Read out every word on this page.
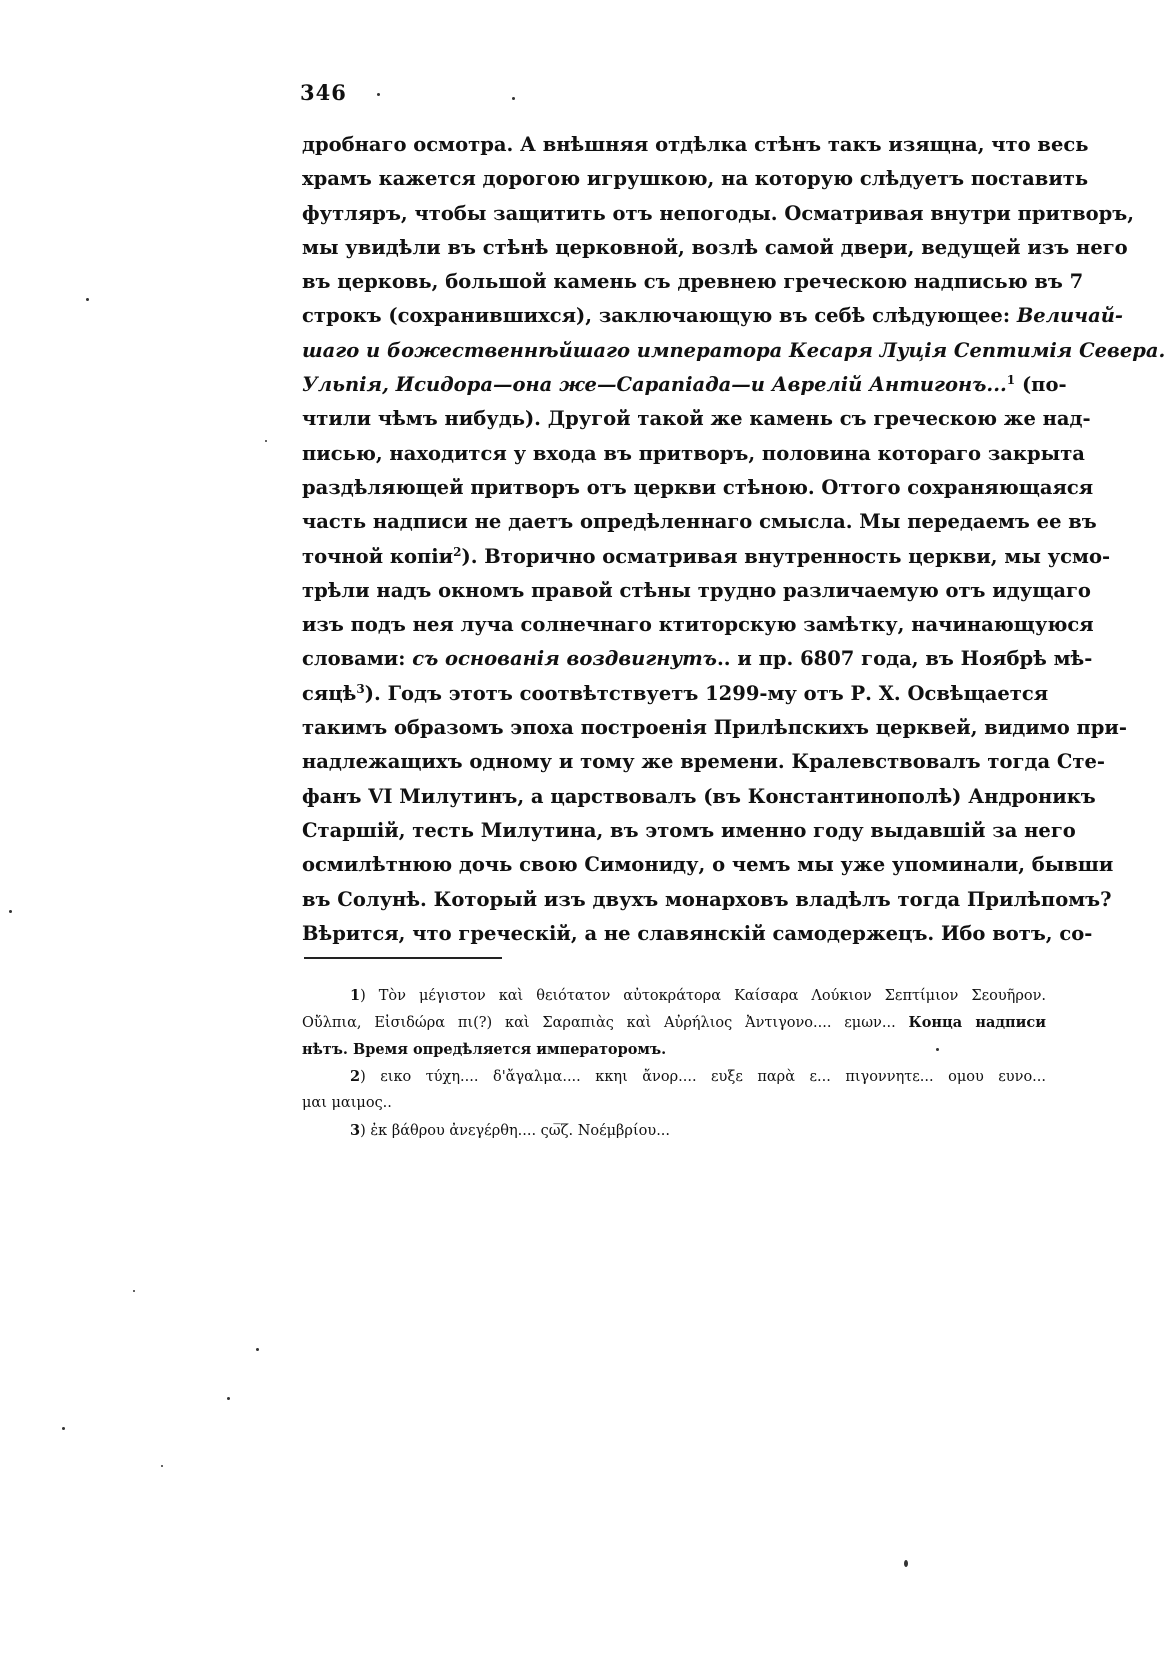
346
дробнаго осмотра. А внѣшняя отдѣлка стѣнъ такъ изящна, что весь
храмъ кажется дорогою игрушкою, на которую слѣдуетъ поставить
футляръ, чтобы защитить отъ непогоды. Осматривая внутри притворъ,
мы увидѣли въ стѣнѣ церковной, возлѣ самой двери, ведущей изъ него
въ церковь, большой камень съ древнею греческою надписью въ 7
строкъ (сохранившихся), заключающую въ себѣ слѣдующее: Величай-
шаго и божественнѣйшаго императора Кесаря Луція Септимія Севера.
Ульпія, Исидора—она же—Сарапіада—и Аврелій Антигонъ...$^1$ (по-
чтили чѣмъ нибудь). Другой такой же камень съ греческою же над-
писью, находится у входа въ притворъ, половина котораго закрыта
раздѣляющей притворъ отъ церкви стѣною. Оттого сохраняющаяся
часть надписи не даетъ опредѣленнаго смысла. Мы передаемъ ее въ
точной копіи$^2$). Вторично осматривая внутренность церкви, мы усмо-
трѣли надъ окномъ правой стѣны трудно различаемую отъ идущаго
изъ подъ нея луча солнечнаго ктиторскую замѣтку, начинающуюся
словами: съ основанія воздвигнутъ.. и пр. 6807 года, въ Ноябрѣ мѣ-
сяцѣ$^3$). Годъ этотъ соотвѣтствуетъ 1299-му отъ Р. Х. Освѣщается
такимъ образомъ эпоха построенія Прилѣпскихъ церквей, видимо при-
надлежащихъ одному и тому же времени. Кралевствовалъ тогда Сте-
фанъ VI Милутинъ, а царствовалъ (въ Константинополѣ) Андроникъ
Старшій, тесть Милутина, въ этомъ именно году выдавшій за него
осмилѣтнюю дочь свою Симониду, о чемъ мы уже упоминали, бывши
въ Солунѣ. Который изъ двухъ монарховъ владѣлъ тогда Прилѣпомъ?
Вѣрится, что греческій, а не славянскій самодержецъ. Ибо вотъ, со-
1) Τὸν μέγιστον καὶ θειότατον αὐτοκράτορα Καίσαρα Λούκιον Σεπτίμιον Σεουῆρον.
Οὔλπια, Εἰσιδώρα πι(?) καὶ Σαραπιὰς καὶ Αὐρήλιος Ἀντιγονο.... εμων... Конца надписи
нѣтъ. Время опредѣляется императоромъ.
2) εικο τύχη.... δ'ἄγαλμα.... κκηι ἄνορ.... ευξε παρὰ ε... πιγοννητε... ομου ευνο...
μαι μαιμος..
3) ἐκ βάθρου ἀνεγέρθη.... ςω̅ζ̅. Νοέμβρίου...
